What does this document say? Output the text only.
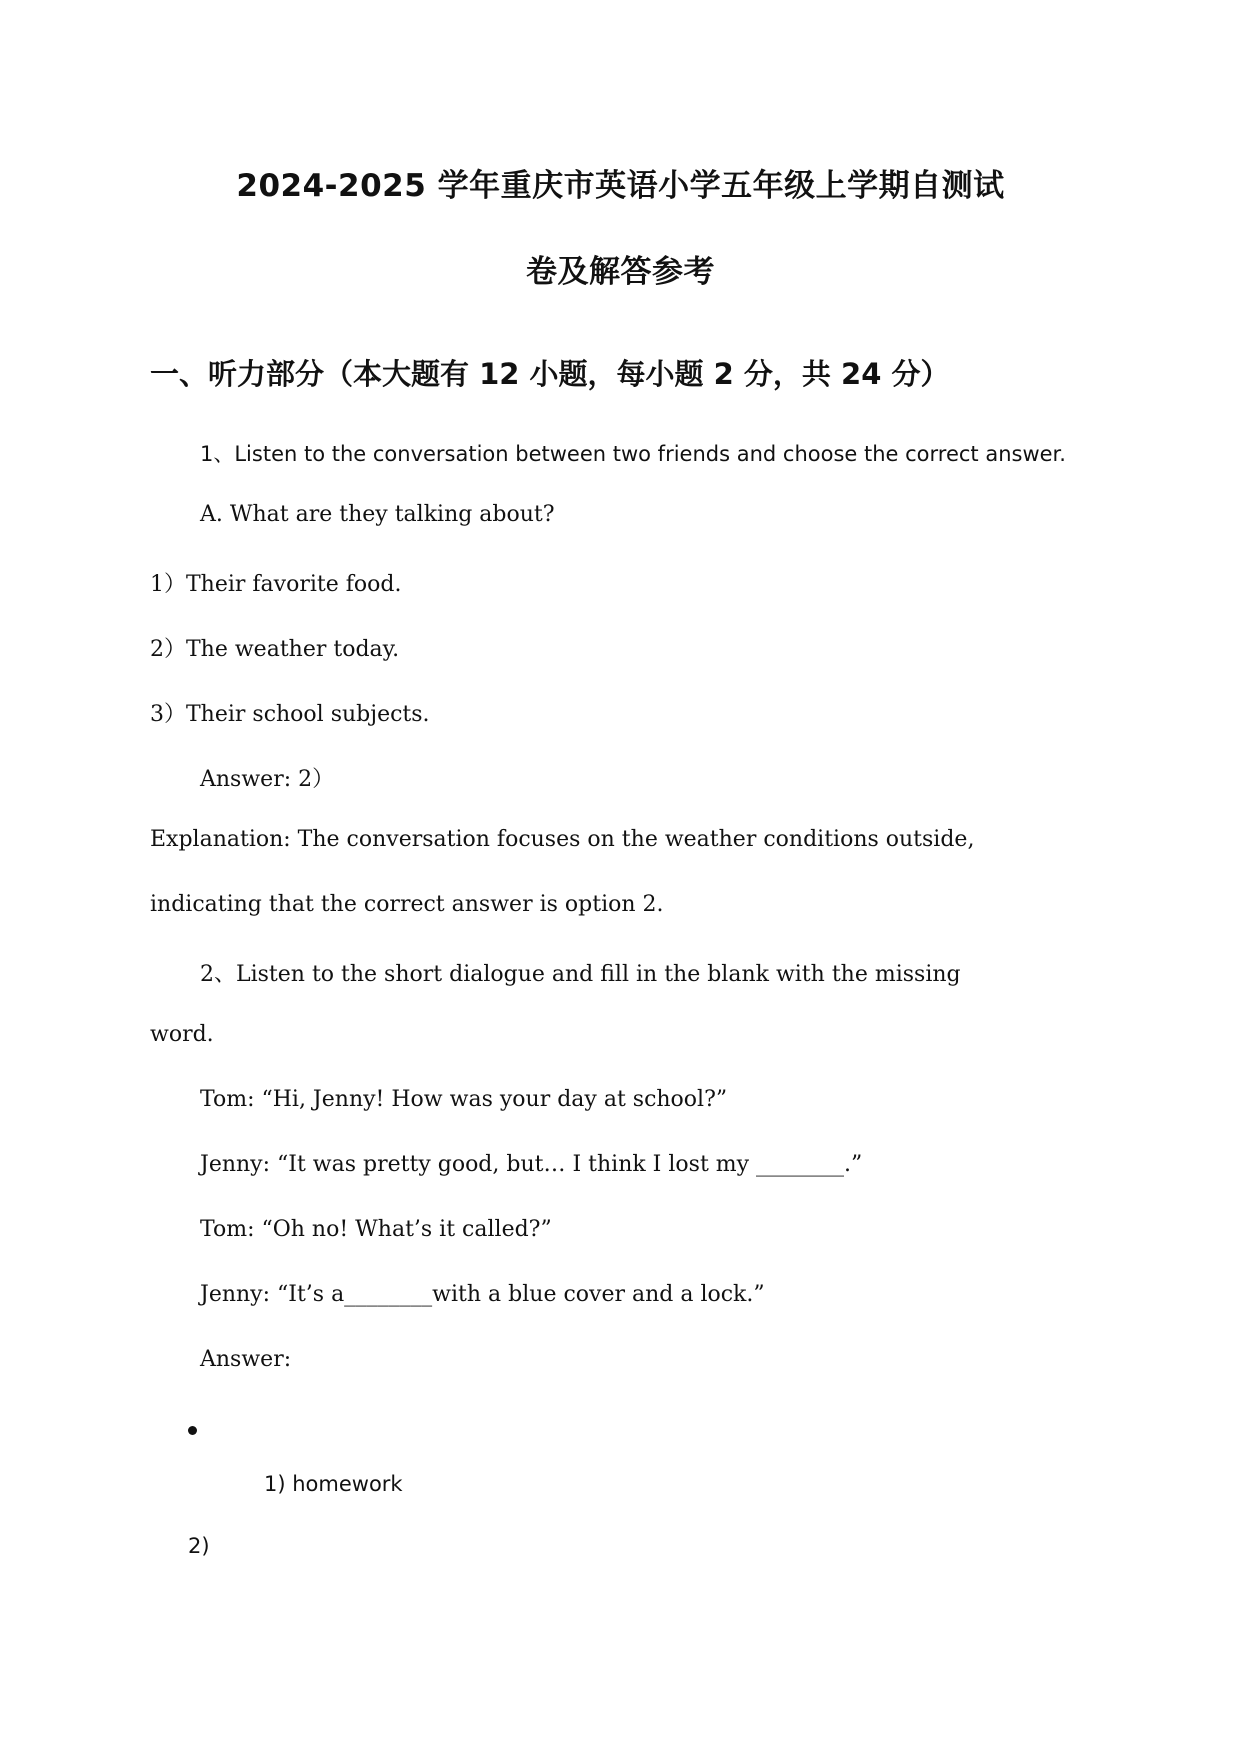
2024-2025 学年重庆市英语小学五年级上学期自测试
卷及解答参考
一、听力部分（本大题有 12 小题，每小题 2 分，共 24 分）
1、Listen to the conversation between two friends and choose the correct answer.
A. What are they talking about?
1）Their favorite food.
2）The weather today.
3）Their school subjects.
Answer: 2）
Explanation: The conversation focuses on the weather conditions outside,
indicating that the correct answer is option 2.
2、Listen to the short dialogue and fill in the blank with the missing
word.
Tom: “Hi, Jenny! How was your day at school?”
Jenny: “It was pretty good, but… I think I lost my ________.”
Tom: “Oh no! What’s it called?”
Jenny: “It’s a________with a blue cover and a lock.”
Answer:
1) homework
2)
